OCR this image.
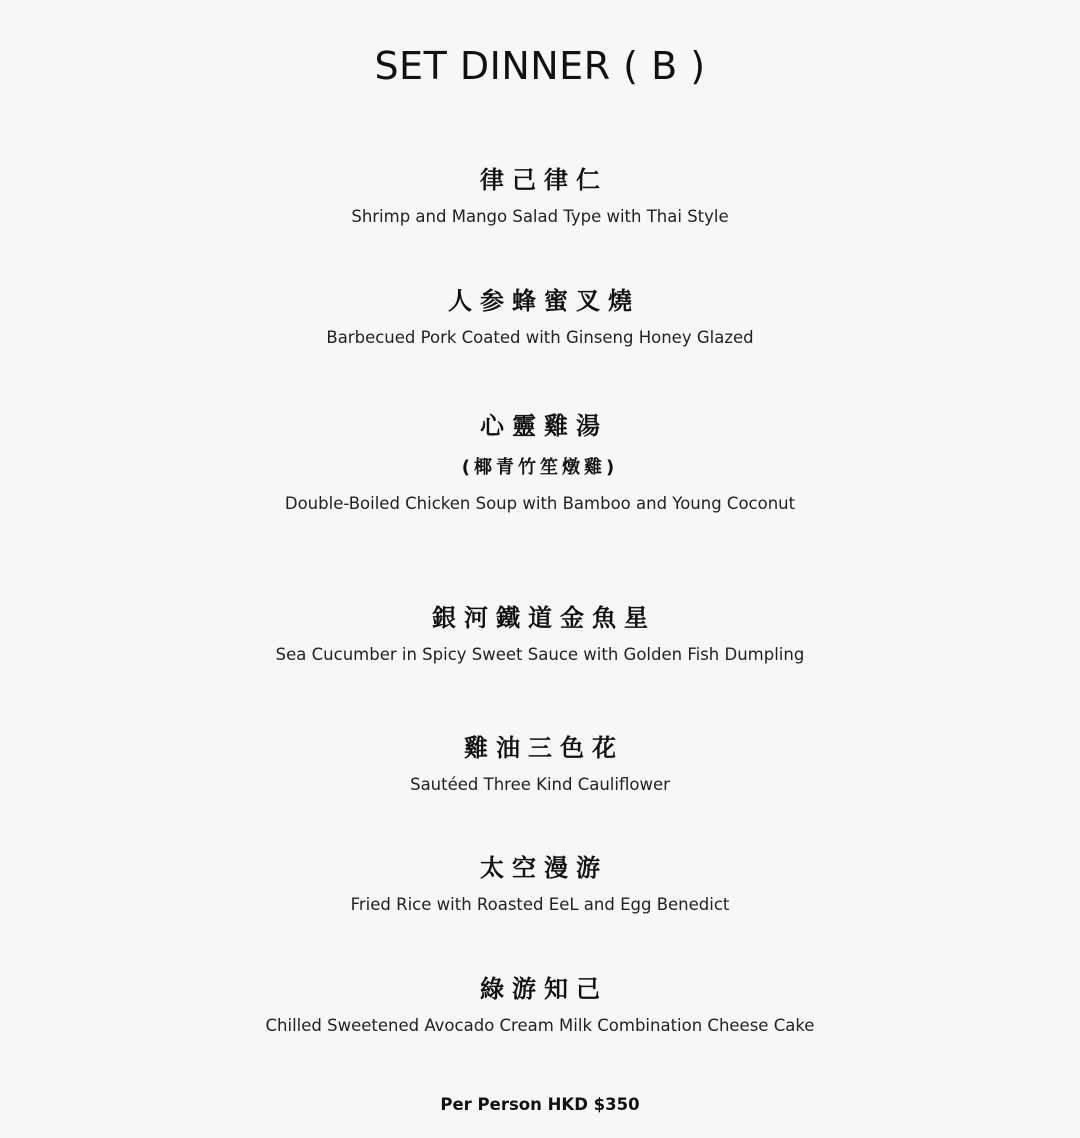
SET DINNER ( B )
律己律仁
Shrimp and Mango Salad Type with Thai Style
人参蜂蜜叉燒
Barbecued Pork Coated with Ginseng Honey Glazed
心靈雞湯
(椰青竹笙燉雞)
Double-Boiled Chicken Soup with Bamboo and Young Coconut
銀河鐵道金魚星
Sea Cucumber in Spicy Sweet Sauce with Golden Fish Dumpling
雞油三色花
Sautéed Three Kind Cauliflower
太空漫游
Fried Rice with Roasted EeL and Egg Benedict
綠游知己
Chilled Sweetened Avocado Cream Milk Combination Cheese Cake
Per Person HKD $350
